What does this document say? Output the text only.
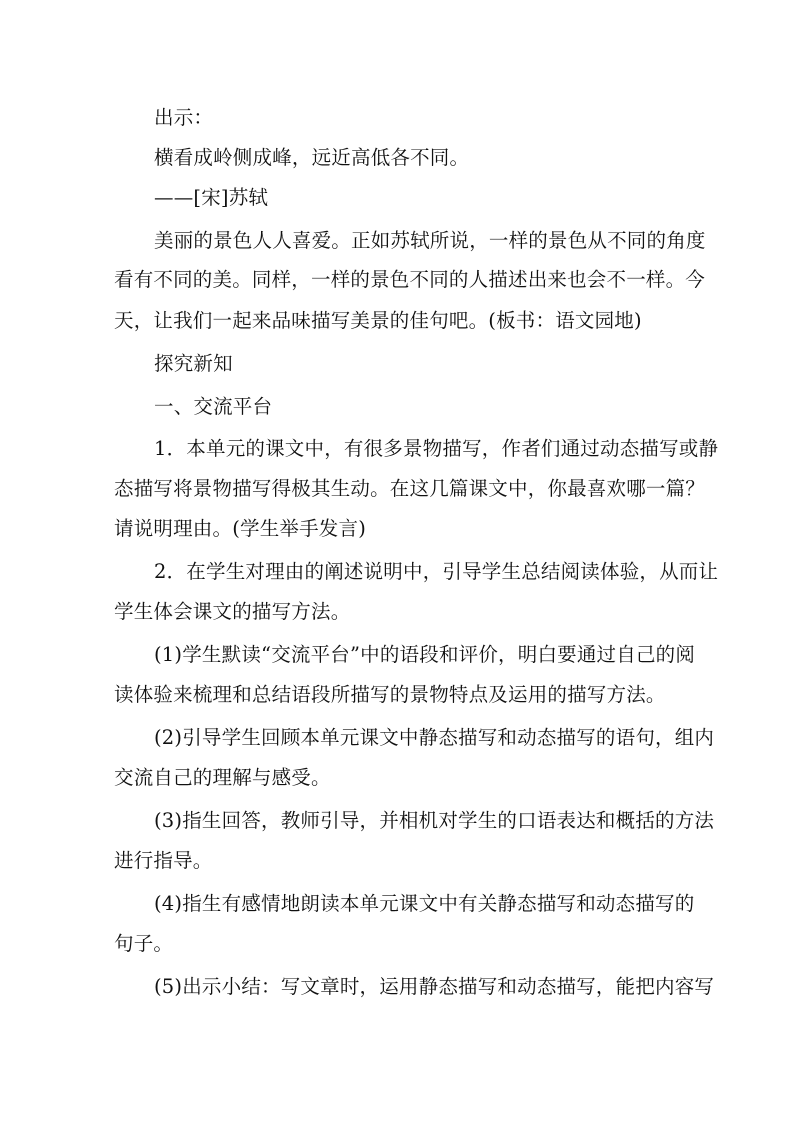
出示：
横看成岭侧成峰，远近高低各不同。
——[宋]苏轼
美丽的景色人人喜爱。正如苏轼所说，一样的景色从不同的角度
看有不同的美。同样，一样的景色不同的人描述出来也会不一样。今
天，让我们一起来品味描写美景的佳句吧。(板书：语文园地)
探究新知
一、交流平台
1．本单元的课文中，有很多景物描写，作者们通过动态描写或静
态描写将景物描写得极其生动。在这几篇课文中，你最喜欢哪一篇？
请说明理由。(学生举手发言)
2．在学生对理由的阐述说明中，引导学生总结阅读体验，从而让
学生体会课文的描写方法。
(1)学生默读“交流平台”中的语段和评价，明白要通过自己的阅
读体验来梳理和总结语段所描写的景物特点及运用的描写方法。
(2)引导学生回顾本单元课文中静态描写和动态描写的语句，组内
交流自己的理解与感受。
(3)指生回答，教师引导，并相机对学生的口语表达和概括的方法
进行指导。
(4)指生有感情地朗读本单元课文中有关静态描写和动态描写的
句子。
(5)出示小结：写文章时，运用静态描写和动态描写，能把内容写
